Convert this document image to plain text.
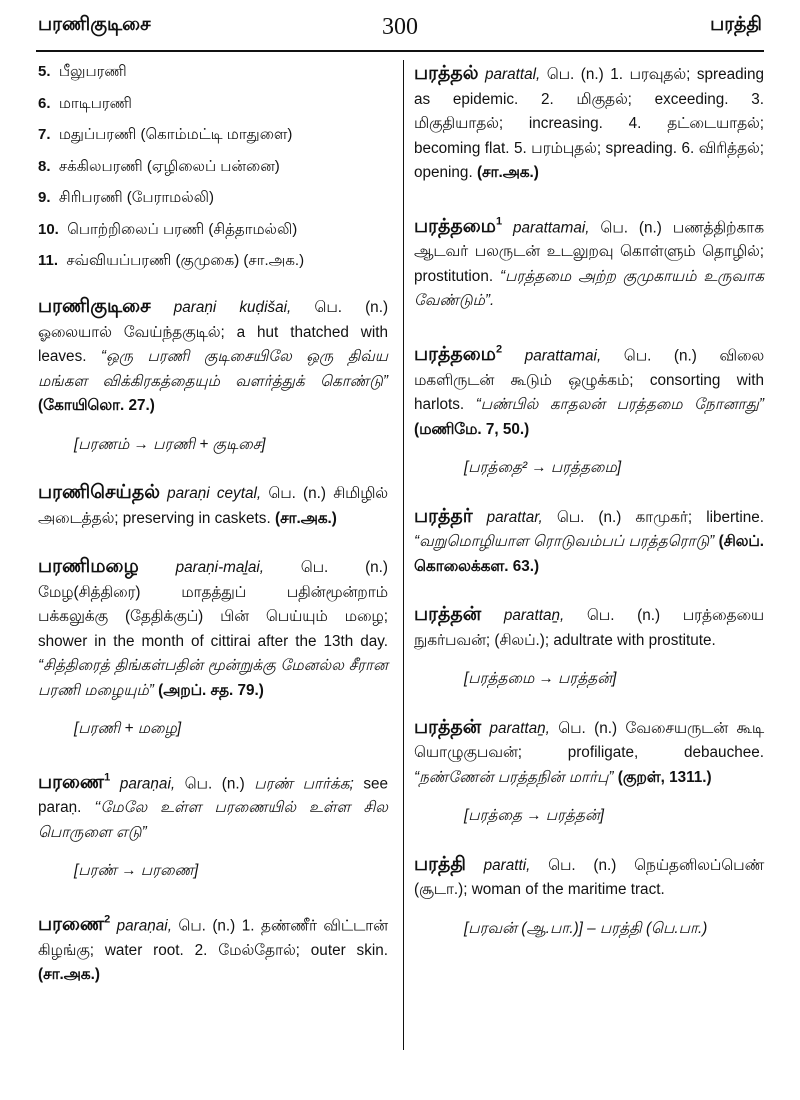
பரணிகுடிசை	300	பரத்தி
5. பீலுபரணி
6. மாடிபரணி
7. மதுப்பரணி (கொம்மட்டி மாதுளை)
8. சக்கிலபரணி (ஏழிலைப் பன்னை)
9. சிரிபரணி (பேராமல்லி)
10. பொற்றிலைப் பரணி (சித்தாமல்லி)
11. சவ்வியப்பரணி (குமுகை) (சா.அக.)
பரணிகுடிசை paraṇi kuḍišai, பெ. (n.) ஓலையால் வேய்ந்தகுடில்; a hut thatched with leaves. “ஒரு பரணி குடிசையிலே ஒரு திவ்ய மங்கள விக்கிரகத்தையும் வளர்த்துக் கொண்டு” (கோயிலொ. 27.)
[பரணம் → பரணி + குடிசை]
பரணிசெய்தல் paraṇi ceytal, பெ. (n.) சிமிழில் அடைத்தல்; preserving in caskets. (சா.அக.)
பரணிமழை paraṇi-maḻai, பெ. (n.) மேழ(சித்திரை) மாதத்துப் பதின்மூன்றாம் பக்கலுக்கு (தேதிக்குப்) பின் பெய்யும் மழை; shower in the month of cittirai after the 13th day. “சித்திரைத் திங்கள்பதின் மூன்றுக்கு மேனல்ல சீரான பரணி மழையும்” (அறப். சத. 79.)
[பரணி + மழை]
பரணை$^1$ paraṇai, பெ. (n.) பரண் பார்க்க; see paraṇ. ‘‘மேலே உள்ள பரணையில் உள்ள சில பொருளை எடு”
[பரண் → பரணை]
பரணை$^2$ paraṇai, பெ. (n.) 1. தண்ணீர் விட்டான் கிழங்கு; water root. 2. மேல்தோல்; outer skin. (சா.அக.)
பரத்தல் parattal, பெ. (n.) 1. பரவுதல்; spreading as epidemic. 2. மிகுதல்; exceeding. 3. மிகுதியாதல்; increasing. 4. தட்டையாதல்; becoming flat. 5. பரம்புதல்; spreading. 6. விரித்தல்; opening. (சா.அக.)
பரத்தமை$^1$ parattamai, பெ. (n.) பணத்திற்காக ஆடவர் பலருடன் உடலுறவு கொள்ளும் தொழில்; prostitution. “பரத்தமை அற்ற குமுகாயம் உருவாக வேண்டும்”.
பரத்தமை$^2$ parattamai, பெ. (n.) விலை மகளிருடன் கூடும் ஒழுக்கம்; consorting with harlots. “பண்பில் காதலன் பரத்தமை நோனாது” (மணிமே. 7, 50.)
[பரத்தை² → பரத்தமை]
பரத்தர் parattar, பெ. (n.) காமுகர்; libertine. “வறுமொழியாள ரொடுவம்பப் பரத்தரொடு” (சிலப். கொலைக்கள. 63.)
பரத்தன் parattaṉ, பெ. (n.) பரத்தையை நுகர்பவன்; (சிலப்.); adultrate with prostitute.
[பரத்தமை → பரத்தன்]
பரத்தன் parattaṉ, பெ. (n.) வேசையருடன் கூடி யொழுகுபவன்; profiligate, debauchee. “நண்ணேன் பரத்தநின் மார்பு” (குறள், 1311.)
[பரத்தை → பரத்தன்]
பரத்தி paratti, பெ. (n.) நெய்தனிலப்பெண் (சூடா.); woman of the maritime tract.
[பரவன் (ஆ.பா.)] – பரத்தி (பெ.பா.)
